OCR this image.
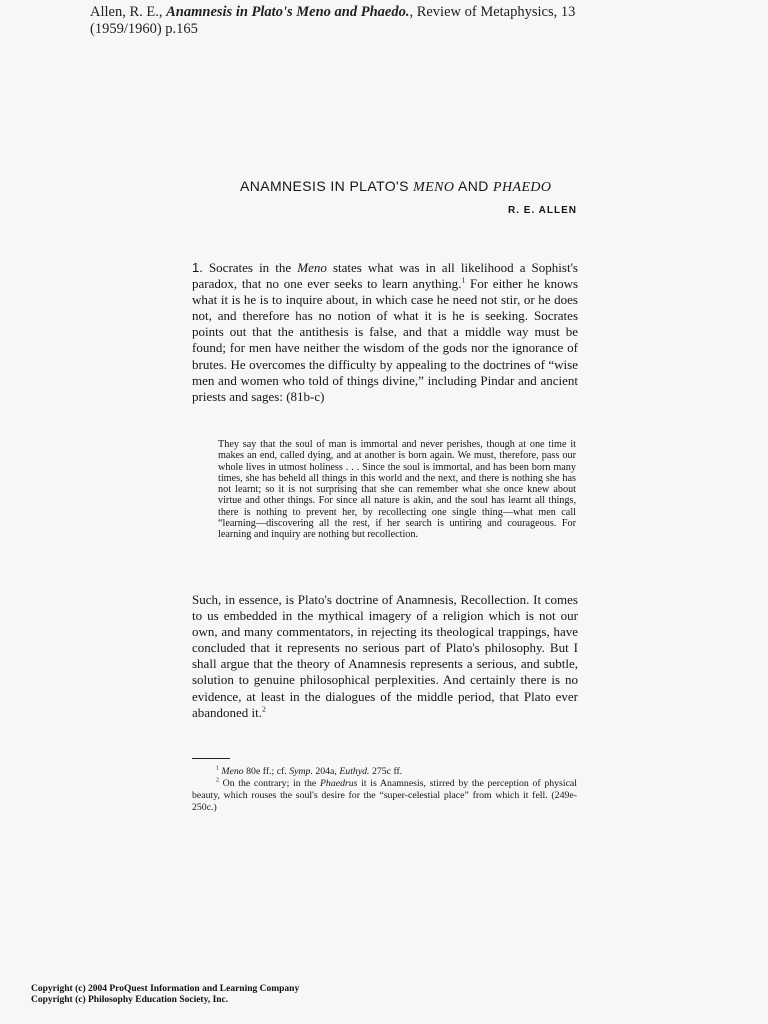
Allen, R. E., Anamnesis in Plato's Meno and Phaedo., Review of Metaphysics, 13 (1959/1960) p.165
ANAMNESIS IN PLATO'S MENO AND PHAEDO
R. E. ALLEN
1. Socrates in the Meno states what was in all likelihood a Sophist's paradox, that no one ever seeks to learn anything.$^1$ For either he knows what it is he is to inquire about, in which case he need not stir, or he does not, and therefore has no notion of what it is he is seeking. Socrates points out that the antithesis is false, and that a middle way must be found; for men have neither the wisdom of the gods nor the ignorance of brutes. He overcomes the difficulty by appealing to the doctrines of “wise men and women who told of things divine,” including Pindar and ancient priests and sages: (81b-c)
They say that the soul of man is immortal and never perishes, though at one time it makes an end, called dying, and at another is born again. We must, therefore, pass our whole lives in utmost holiness . . . Since the soul is immortal, and has been born many times, she has beheld all things in this world and the next, and there is nothing she has not learnt; so it is not surprising that she can remember what she once knew about virtue and other things. For since all nature is akin, and the soul has learnt all things, there is nothing to prevent her, by recollecting one single thing—what men call “learning—discovering all the rest, if her search is untiring and courageous. For learning and inquiry are nothing but recollection.
Such, in essence, is Plato's doctrine of Anamnesis, Recollection. It comes to us embedded in the mythical imagery of a religion which is not our own, and many commentators, in rejecting its theological trappings, have concluded that it represents no serious part of Plato's philosophy. But I shall argue that the theory of Anamnesis represents a serious, and subtle, solution to genuine philosophical perplexities. And certainly there is no evidence, at least in the dialogues of the middle period, that Plato ever abandoned it.$^2$
$^1$ Meno 80e ff.; cf. Symp. 204a, Euthyd. 275c ff.
$^2$ On the contrary; in the Phaedrus it is Anamnesis, stirred by the perception of physical beauty, which rouses the soul's desire for the “super-celestial place” from which it fell. (249e-250c.)
Copyright (c) 2004 ProQuest Information and Learning Company
Copyright (c) Philosophy Education Society, Inc.
